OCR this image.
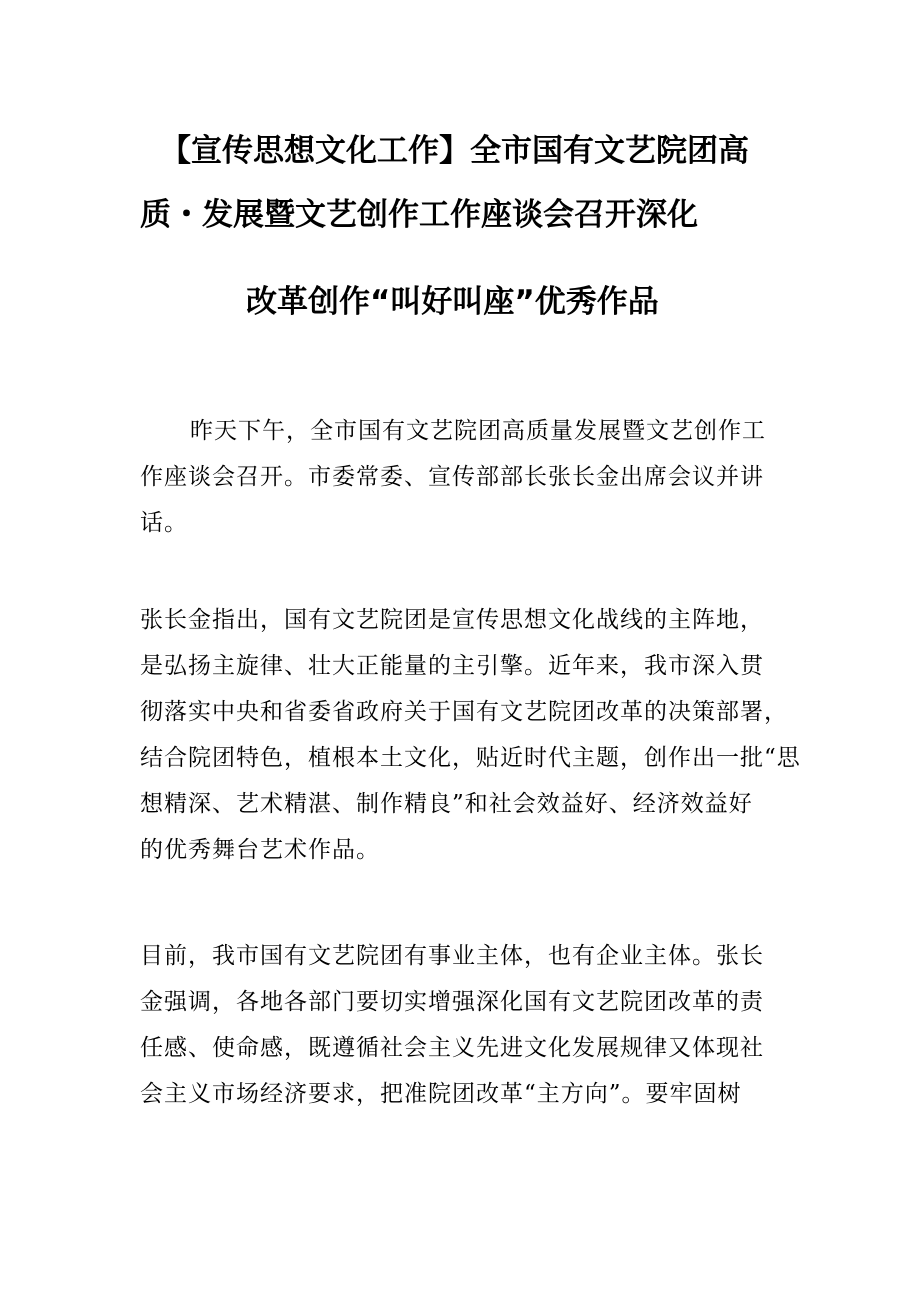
【宣传思想文化工作】全市国有文艺院团高
质・发展暨文艺创作工作座谈会召开深化
改革创作“叫好叫座”优秀作品
昨天下午，全市国有文艺院团高质量发展暨文艺创作工
作座谈会召开。市委常委、宣传部部长张长金出席会议并讲
话。
张长金指出，国有文艺院团是宣传思想文化战线的主阵地，
是弘扬主旋律、壮大正能量的主引擎。近年来，我市深入贯
彻落实中央和省委省政府关于国有文艺院团改革的决策部署，
结合院团特色，植根本土文化，贴近时代主题，创作出一批“思
想精深、艺术精湛、制作精良”和社会效益好、经济效益好
的优秀舞台艺术作品。
目前，我市国有文艺院团有事业主体，也有企业主体。张长
金强调，各地各部门要切实增强深化国有文艺院团改革的责
任感、使命感，既遵循社会主义先进文化发展规律又体现社
会主义市场经济要求，把准院团改革“主方向”。要牢固树
